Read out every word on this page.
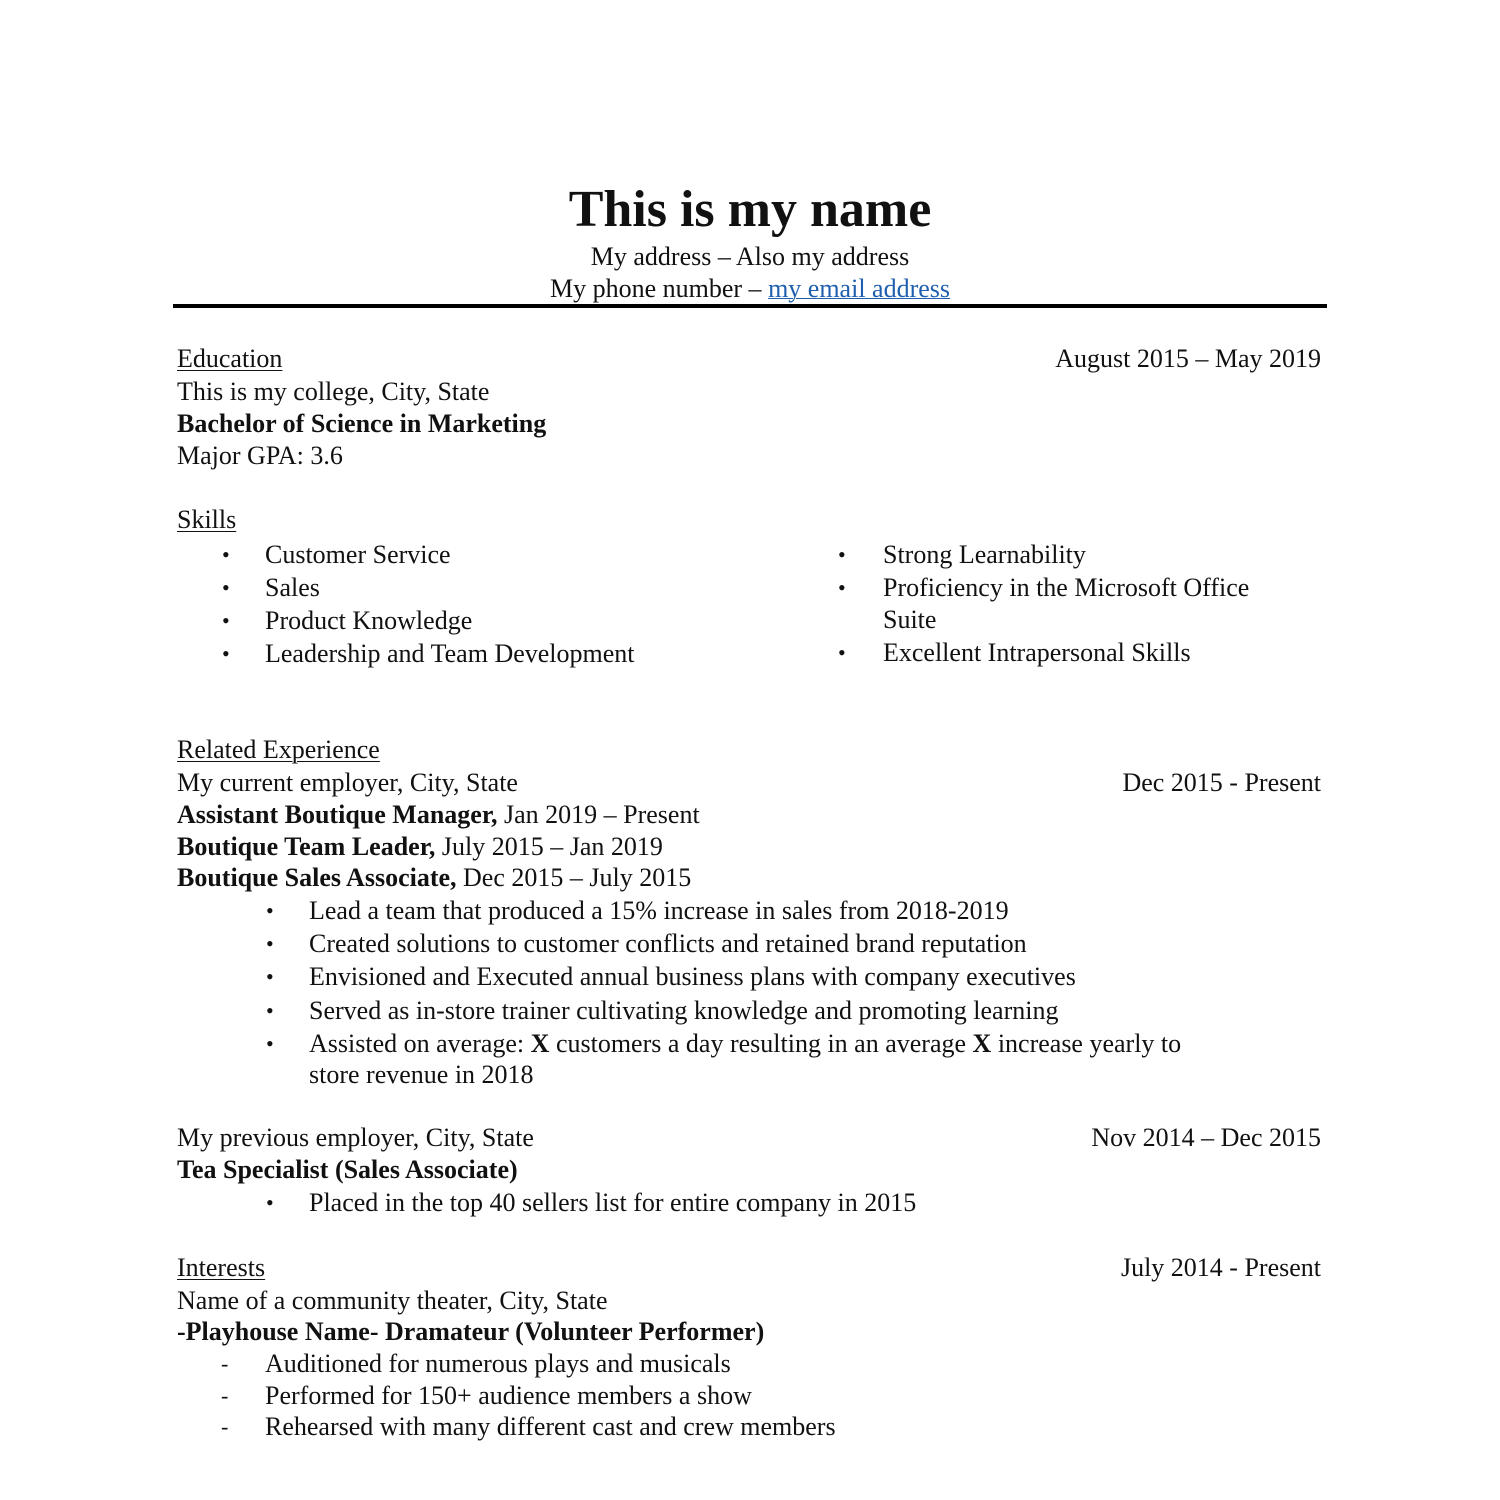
This is my name
My address – Also my address
My phone number – my email address
Education	August 2015 – May 2019
This is my college, City, State
Bachelor of Science in Marketing
Major GPA: 3.6
Skills
• Customer Service
• Sales
• Product Knowledge
• Leadership and Team Development
• Strong Learnability
• Proficiency in the Microsoft Office
Suite
• Excellent Intrapersonal Skills
Related Experience
My current employer, City, State	Dec 2015 - Present
Assistant Boutique Manager, Jan 2019 – Present
Boutique Team Leader, July 2015 – Jan 2019
Boutique Sales Associate, Dec 2015 – July 2015
• Lead a team that produced a 15% increase in sales from 2018-2019
• Created solutions to customer conflicts and retained brand reputation
• Envisioned and Executed annual business plans with company executives
• Served as in-store trainer cultivating knowledge and promoting learning
• Assisted on average: X customers a day resulting in an average X increase yearly to
store revenue in 2018
My previous employer, City, State	Nov 2014 – Dec 2015
Tea Specialist (Sales Associate)
• Placed in the top 40 sellers list for entire company in 2015
Interests	July 2014 - Present
Name of a community theater, City, State
-Playhouse Name- Dramateur (Volunteer Performer)
- Auditioned for numerous plays and musicals
- Performed for 150+ audience members a show
- Rehearsed with many different cast and crew members
